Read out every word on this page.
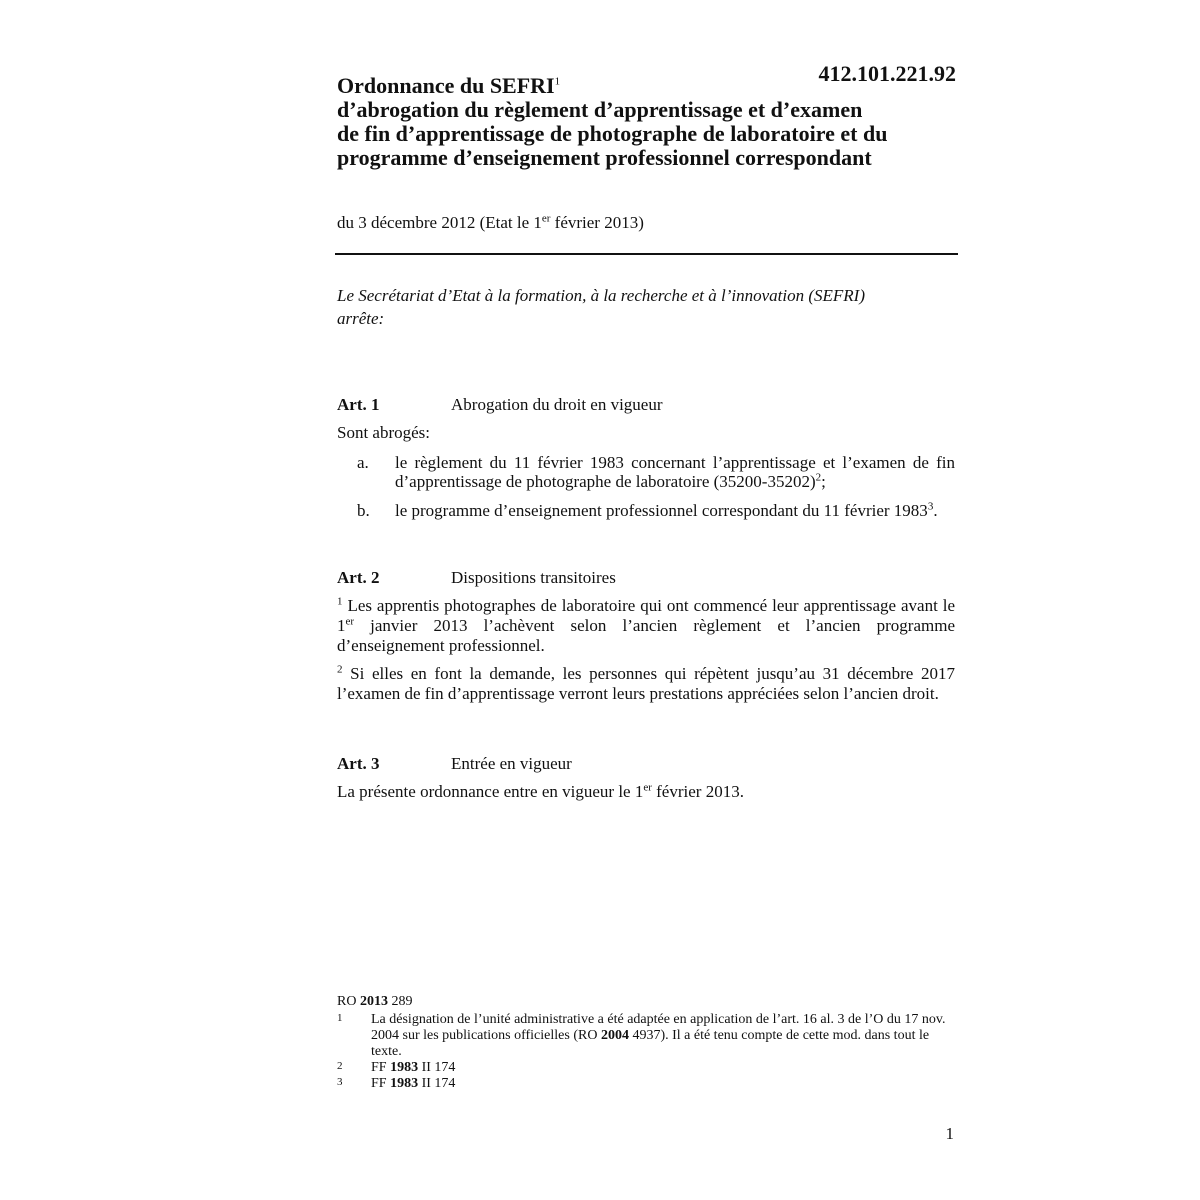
412.101.221.92
Ordonnance du SEFRI$^1$
d’abrogation du règlement d’apprentissage et d’examen
de fin d’apprentissage de photographe de laboratoire et du
programme d’enseignement professionnel correspondant
du 3 décembre 2012 (Etat le 1er février 2013)
Le Secrétariat d’Etat à la formation, à la recherche et à l’innovation (SEFRI)
arrête:
Art. 1	Abrogation du droit en vigueur
Sont abrogés:
a. le règlement du 11 février 1983 concernant l’apprentissage et l’examen de fin d’apprentissage de photographe de laboratoire $(35200-35202)^2$;
b. le programme d’enseignement professionnel correspondant du 11 février 1983$^3$.
Art. 2	Dispositions transitoires
$^1$ Les apprentis photographes de laboratoire qui ont commencé leur apprentissage avant le 1er janvier 2013 l’achèvent selon l’ancien règlement et l’ancien programme d’enseignement professionnel.
$^2$ Si elles en font la demande, les personnes qui répètent jusqu’au 31 décembre 2017 l’examen de fin d’apprentissage verront leurs prestations appréciées selon l’ancien droit.
Art. 3	Entrée en vigueur
La présente ordonnance entre en vigueur le 1er février 2013.
RO 2013 289
1 La désignation de l’unité administrative a été adaptée en application de l’art. 16 al. 3 de l’O du 17 nov. 2004 sur les publications officielles (RO 2004 4937). Il a été tenu compte de cette mod. dans tout le texte.
2 FF 1983 II 174
3 FF 1983 II 174
1
